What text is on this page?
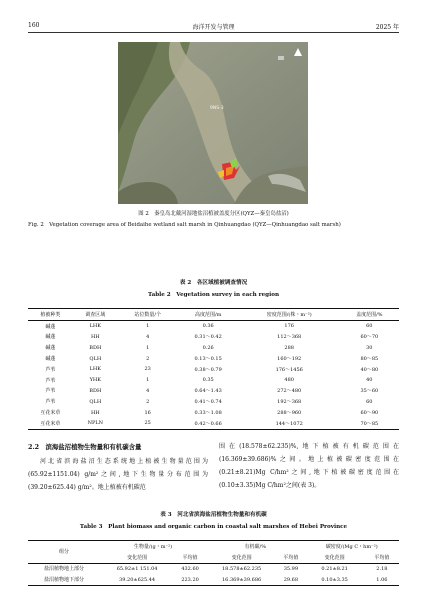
160	海洋开发与管理	2025 年
9NS-3
图 2　秦皇岛北戴河湿地盐沼植被盖度分区(QYZ—秦皇岛盐沼)
Fig. 2　Vegetation coverage area of Beidaihe wetland salt marsh in Qinhuangdao (QYZ—Qinhuangdao salt marsh)
表 2　各区域植被调查情况
Table 2　Vegetation survey in each region
植被种类	调查区域	站位数量/个	高度范围/m	密度范围/(株・m⁻²)	盖度范围/%
碱蓬	LHK	1	0.36	176	60
碱蓬	HH	4	0.31～0.42	112～368	60～70
碱蓬	BDH	1	0.26	288	30
碱蓬	QLH	2	0.13～0.15	160～192	80～85
芦苇	LHK	23	0.38～0.79	176～1456	40～80
芦苇	YHK	1	0.35	480	40
芦苇	BDH	4	0.64～1.43	272～480	35～60
芦苇	QLH	2	0.41～0.74	192～368	60
互花米草	HH	16	0.33～1.08	288～960	60～90
互花米草	NPLN	25	0.42～0.66	144～1072	70～85
2.2　滨海盐沼植物生物量和有机碳含量

河北省滨海盐沼生态系统地上植被生物量范围为(65.92±1151.04) g/m²之间,地下生物量分布范围为(39.20±625.44) g/m²。地上植被有机碳范

围在(18.578±62.235)%,地下植被有机碳范围在(16.369±39.686)%之间。地上植被碳密度范围在(0.21±8.21)Mg C/hm²之间,地下植被碳密度范围在(0.10±3.35)Mg C/hm²之间(表 3)。

表 3　河北省滨海盐沼植物生物量和有机碳
Table 3　Plant biomass and organic carbon in coastal salt marshes of Hebei Province
组分	生物量/(g・m⁻²)		有机碳/%		碳密度/(Mg C・hm⁻²)	
	变化范围	平均值	变化范围	平均值	变化范围	平均值
盐沼植物地上部分	65.92±1 151.04	432.60	18.578±62.235	35.99	0.21±8.21	2.18
盐沼植物地下部分	39.20±625.44	223.20	16.369±39.686	29.68	0.10±3.35	1.06
